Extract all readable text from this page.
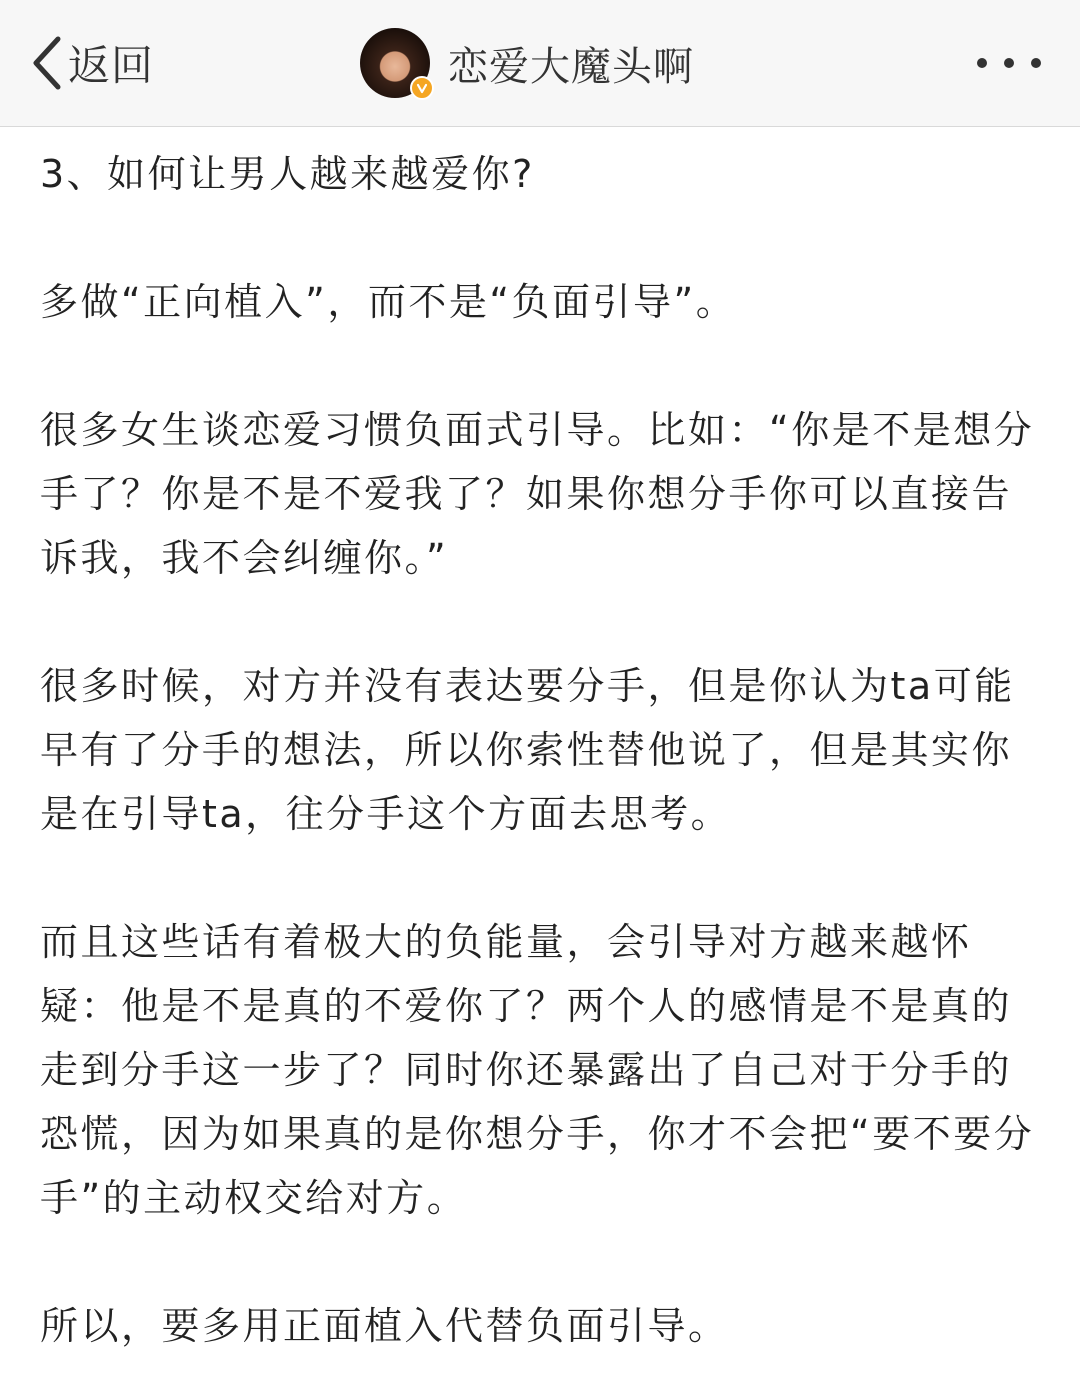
返回	恋爱大魔头啊

3、如何让男人越来越爱你?

多做“正向植入”，而不是“负面引导”。

很多女生谈恋爱习惯负面式引导。比如：“你是不是想分手了？你是不是不爱我了？如果你想分手你可以直接告诉我，我不会纠缠你。”

很多时候，对方并没有表达要分手，但是你认为ta可能早有了分手的想法，所以你索性替他说了，但是其实你是在引导ta，往分手这个方面去思考。

而且这些话有着极大的负能量，会引导对方越来越怀疑：他是不是真的不爱你了？两个人的感情是不是真的走到分手这一步了？同时你还暴露出了自己对于分手的恐慌，因为如果真的是你想分手，你才不会把“要不要分手”的主动权交给对方。

所以，要多用正面植入代替负面引导。
